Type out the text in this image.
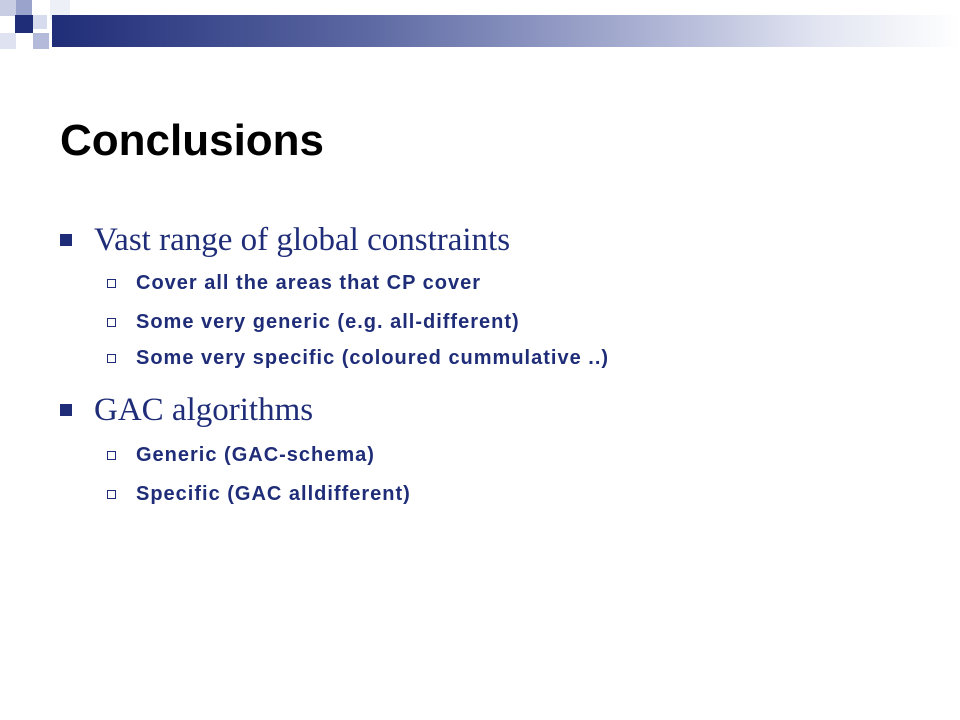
Conclusions
Vast range of global constraints
Cover all the areas that CP cover
Some very generic (e.g. all-different)
Some very specific (coloured cummulative ..)
GAC algorithms
Generic (GAC-schema)
Specific (GAC alldifferent)
